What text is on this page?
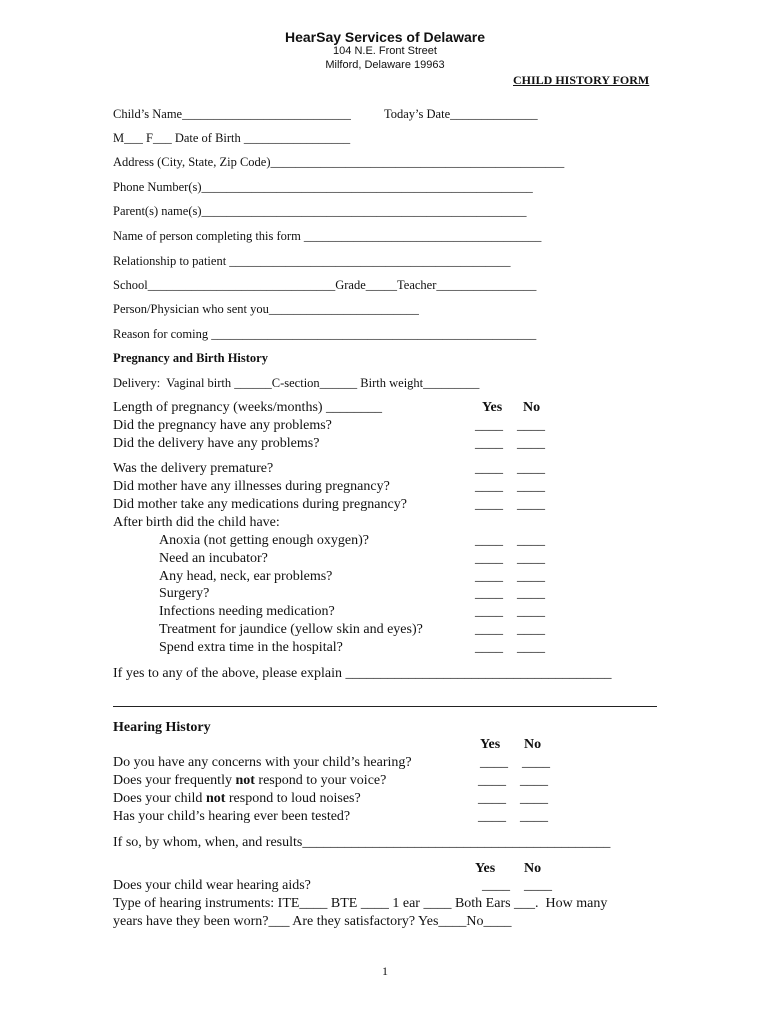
HearSay Services of Delaware
104 N.E. Front Street
Milford, Delaware 19963
CHILD HISTORY FORM
Child’s Name___________________________	Today’s Date______________
M___ F___ Date of Birth _________________
Address (City, State, Zip Code)_______________________________________________
Phone Number(s)_____________________________________________________
Parent(s) name(s)____________________________________________________
Name of person completing this form ______________________________________
Relationship to patient _____________________________________________
School______________________________Grade_____Teacher________________
Person/Physician who sent you________________________
Reason for coming ____________________________________________________
Pregnancy and Birth History
Delivery:  Vaginal birth ______C-section______ Birth weight_________
Length of pregnancy (weeks/months) ________	Yes No
Did the pregnancy have any problems?	____ ____
Did the delivery have any problems?	____ ____
Was the delivery premature?	____ ____
Did mother have any illnesses during pregnancy?	____ ____
Did mother take any medications during pregnancy?	____ ____
After birth did the child have:
Anoxia (not getting enough oxygen)?	____ ____
Need an incubator?	____ ____
Any head, neck, ear problems?	____ ____
Surgery?	____ ____
Infections needing medication?	____ ____
Treatment for jaundice (yellow skin and eyes)?	____ ____
Spend extra time in the hospital?	____ ____
If yes to any of the above, please explain ______________________________________
Hearing History
Yes No
Do you have any concerns with your child’s hearing?	____ ____
Does your frequently not respond to your voice?	____ ____
Does your child not respond to loud noises?	____ ____
Has your child’s hearing ever been tested?	____ ____
If so, by whom, when, and results____________________________________________
Yes No
Does your child wear hearing aids?	____ ____
Type of hearing instruments: ITE____ BTE ____ 1 ear ____ Both Ears ___.  How many
years have they been worn?___ Are they satisfactory? Yes____No____
1
